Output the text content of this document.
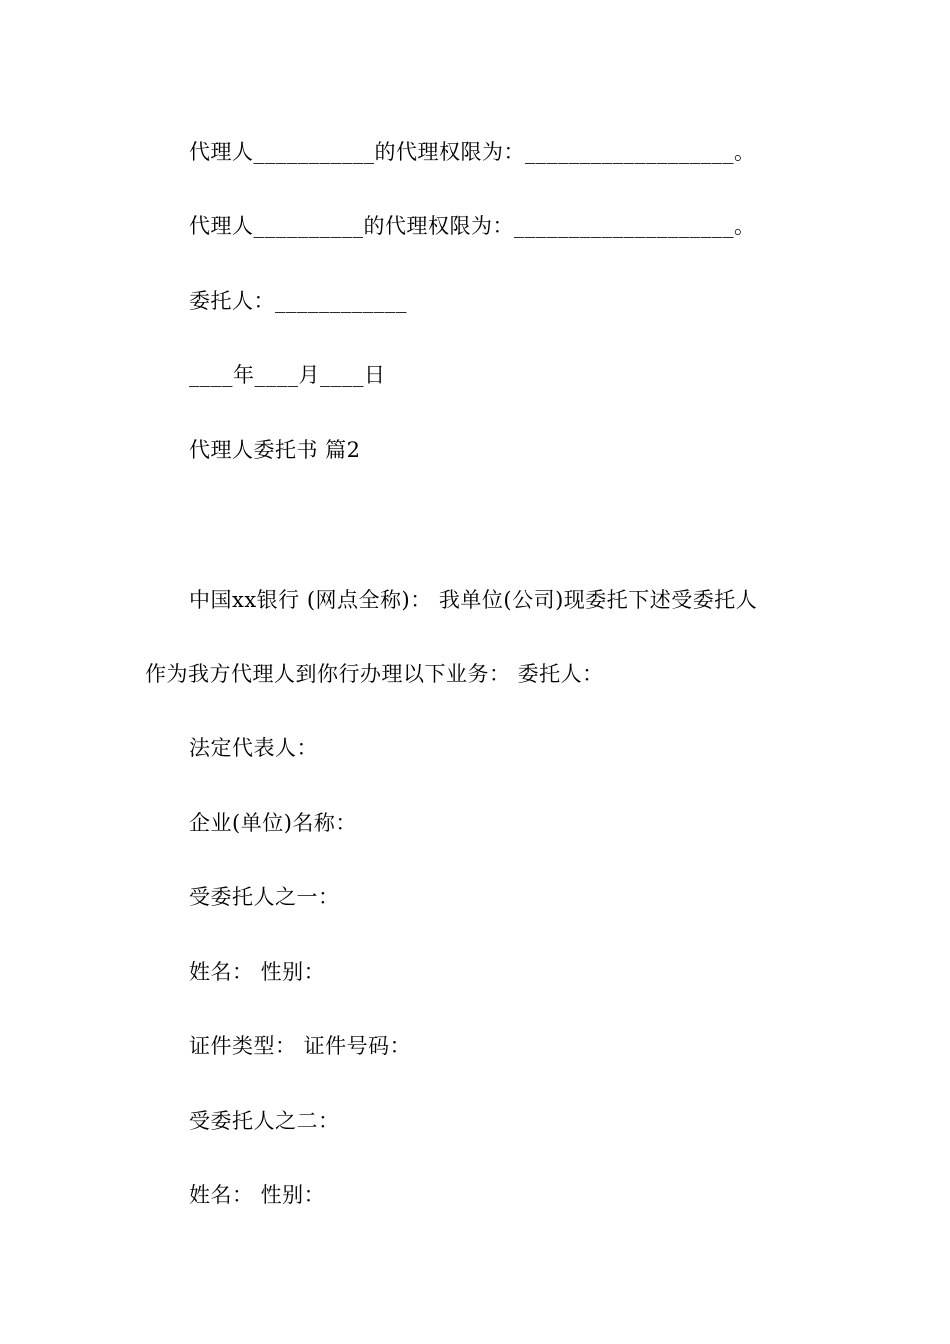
代理人___________的代理权限为：___________________。
代理人__________的代理权限为：____________________。
委托人：____________
____年____月____日
代理人委托书 篇2
中国xx银行 (网点全称)： 我单位(公司)现委托下述受委托人
作为我方代理人到你行办理以下业务： 委托人：
法定代表人：
企业(单位)名称：
受委托人之一：
姓名： 性别：
证件类型： 证件号码：
受委托人之二：
姓名： 性别：
